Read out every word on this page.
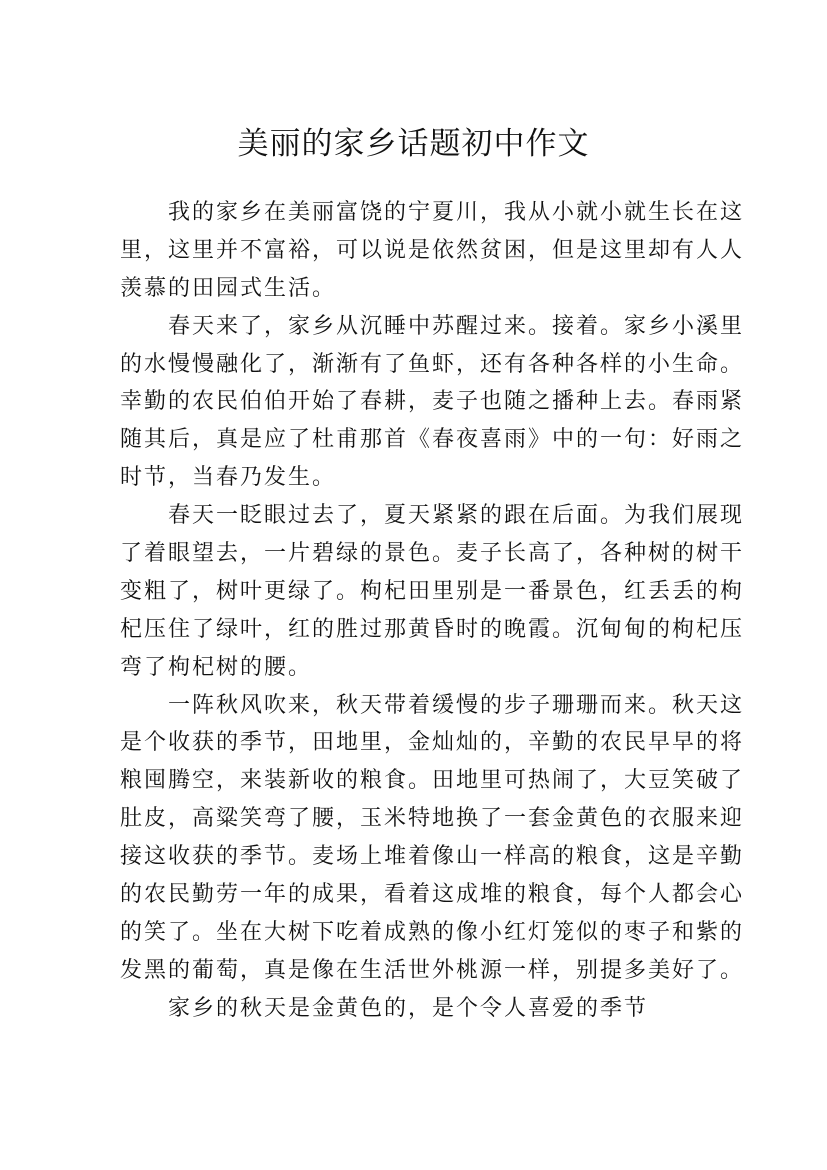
美丽的家乡话题初中作文
我的家乡在美丽富饶的宁夏川，我从小就小就生长在这
里，这里并不富裕，可以说是依然贫困，但是这里却有人人
羡慕的田园式生活。
春天来了，家乡从沉睡中苏醒过来。接着。家乡小溪里
的水慢慢融化了，渐渐有了鱼虾，还有各种各样的小生命。
幸勤的农民伯伯开始了春耕，麦子也随之播种上去。春雨紧
随其后，真是应了杜甫那首《春夜喜雨》中的一句：好雨之
时节，当春乃发生。
春天一眨眼过去了，夏天紧紧的跟在后面。为我们展现
了着眼望去，一片碧绿的景色。麦子长高了，各种树的树干
变粗了，树叶更绿了。枸杞田里别是一番景色，红丢丢的枸
杞压住了绿叶，红的胜过那黄昏时的晚霞。沉甸甸的枸杞压
弯了枸杞树的腰。
一阵秋风吹来，秋天带着缓慢的步子珊珊而来。秋天这
是个收获的季节，田地里，金灿灿的，辛勤的农民早早的将
粮囤腾空，来装新收的粮食。田地里可热闹了，大豆笑破了
肚皮，高粱笑弯了腰，玉米特地换了一套金黄色的衣服来迎
接这收获的季节。麦场上堆着像山一样高的粮食，这是辛勤
的农民勤劳一年的成果，看着这成堆的粮食，每个人都会心
的笑了。坐在大树下吃着成熟的像小红灯笼似的枣子和紫的
发黑的葡萄，真是像在生活世外桃源一样，别提多美好了。
家乡的秋天是金黄色的，是个令人喜爱的季节
